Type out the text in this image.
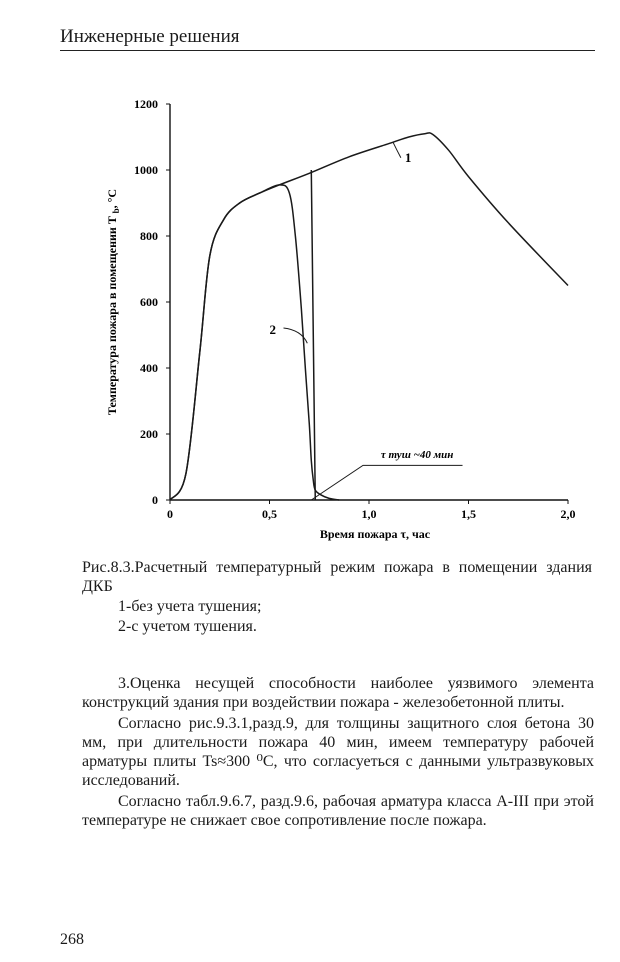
Инженерные решения
0
200
400
600
800
1000
1200
0	0,5	1,0	1,5	2,0
1
2
τ туш ~40 мин
Время пожара τ, час
Температура пожара в помещении T $_b$, °C
Рис.8.3.Расчетный температурный режим пожара в помещении здания ДКБ
1-без учета тушения;
2-с учетом тушения.

3.Оценка несущей способности наиболее уязвимого элемента конструкций здания при воздействии пожара - железобетонной плиты.

Согласно рис.9.3.1,разд.9, для толщины защитного слоя бетона 30 мм, при длительности пожара 40 мин, имеем температуру рабочей арматуры плиты Ts≈300 ⁰С, что согласуеться с данными ультразвуковых исследований.

Согласно табл.9.6.7, разд.9.6, рабочая арматура класса А-III при этой температуре не снижает свое сопротивление после пожара.

268
